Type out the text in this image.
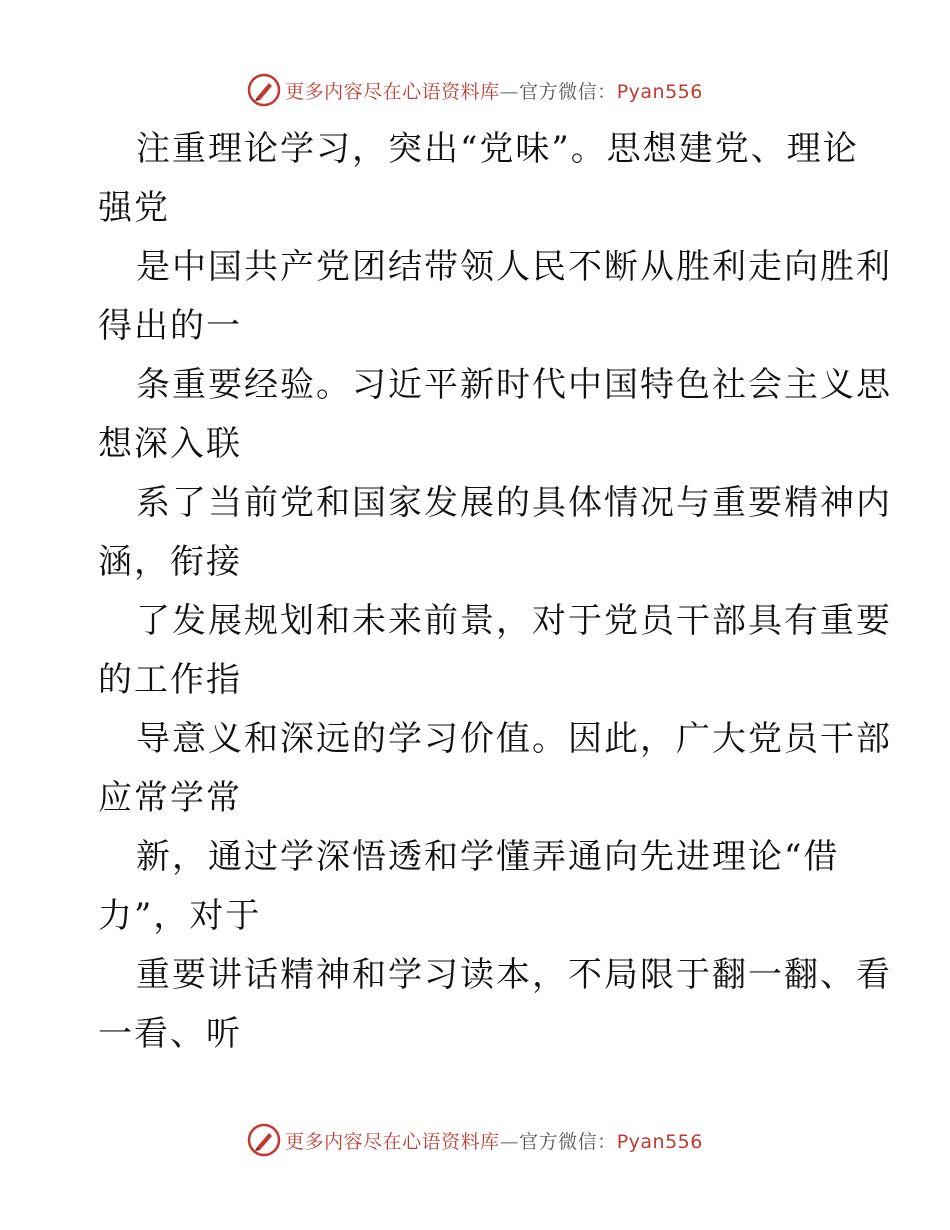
更多内容尽在心语资料库—官方微信：Pyan556

注重理论学习，突出“党味”。思想建党、理论
强党

是中国共产党团结带领人民不断从胜利走向胜利
得出的一

条重要经验。习近平新时代中国特色社会主义思
想深入联

系了当前党和国家发展的具体情况与重要精神内
涵，衔接

了发展规划和未来前景，对于党员干部具有重要
的工作指

导意义和深远的学习价值。因此，广大党员干部
应常学常

新，通过学深悟透和学懂弄通向先进理论“借
力”，对于

重要讲话精神和学习读本，不局限于翻一翻、看
一看、听

更多内容尽在心语资料库—官方微信：Pyan556
